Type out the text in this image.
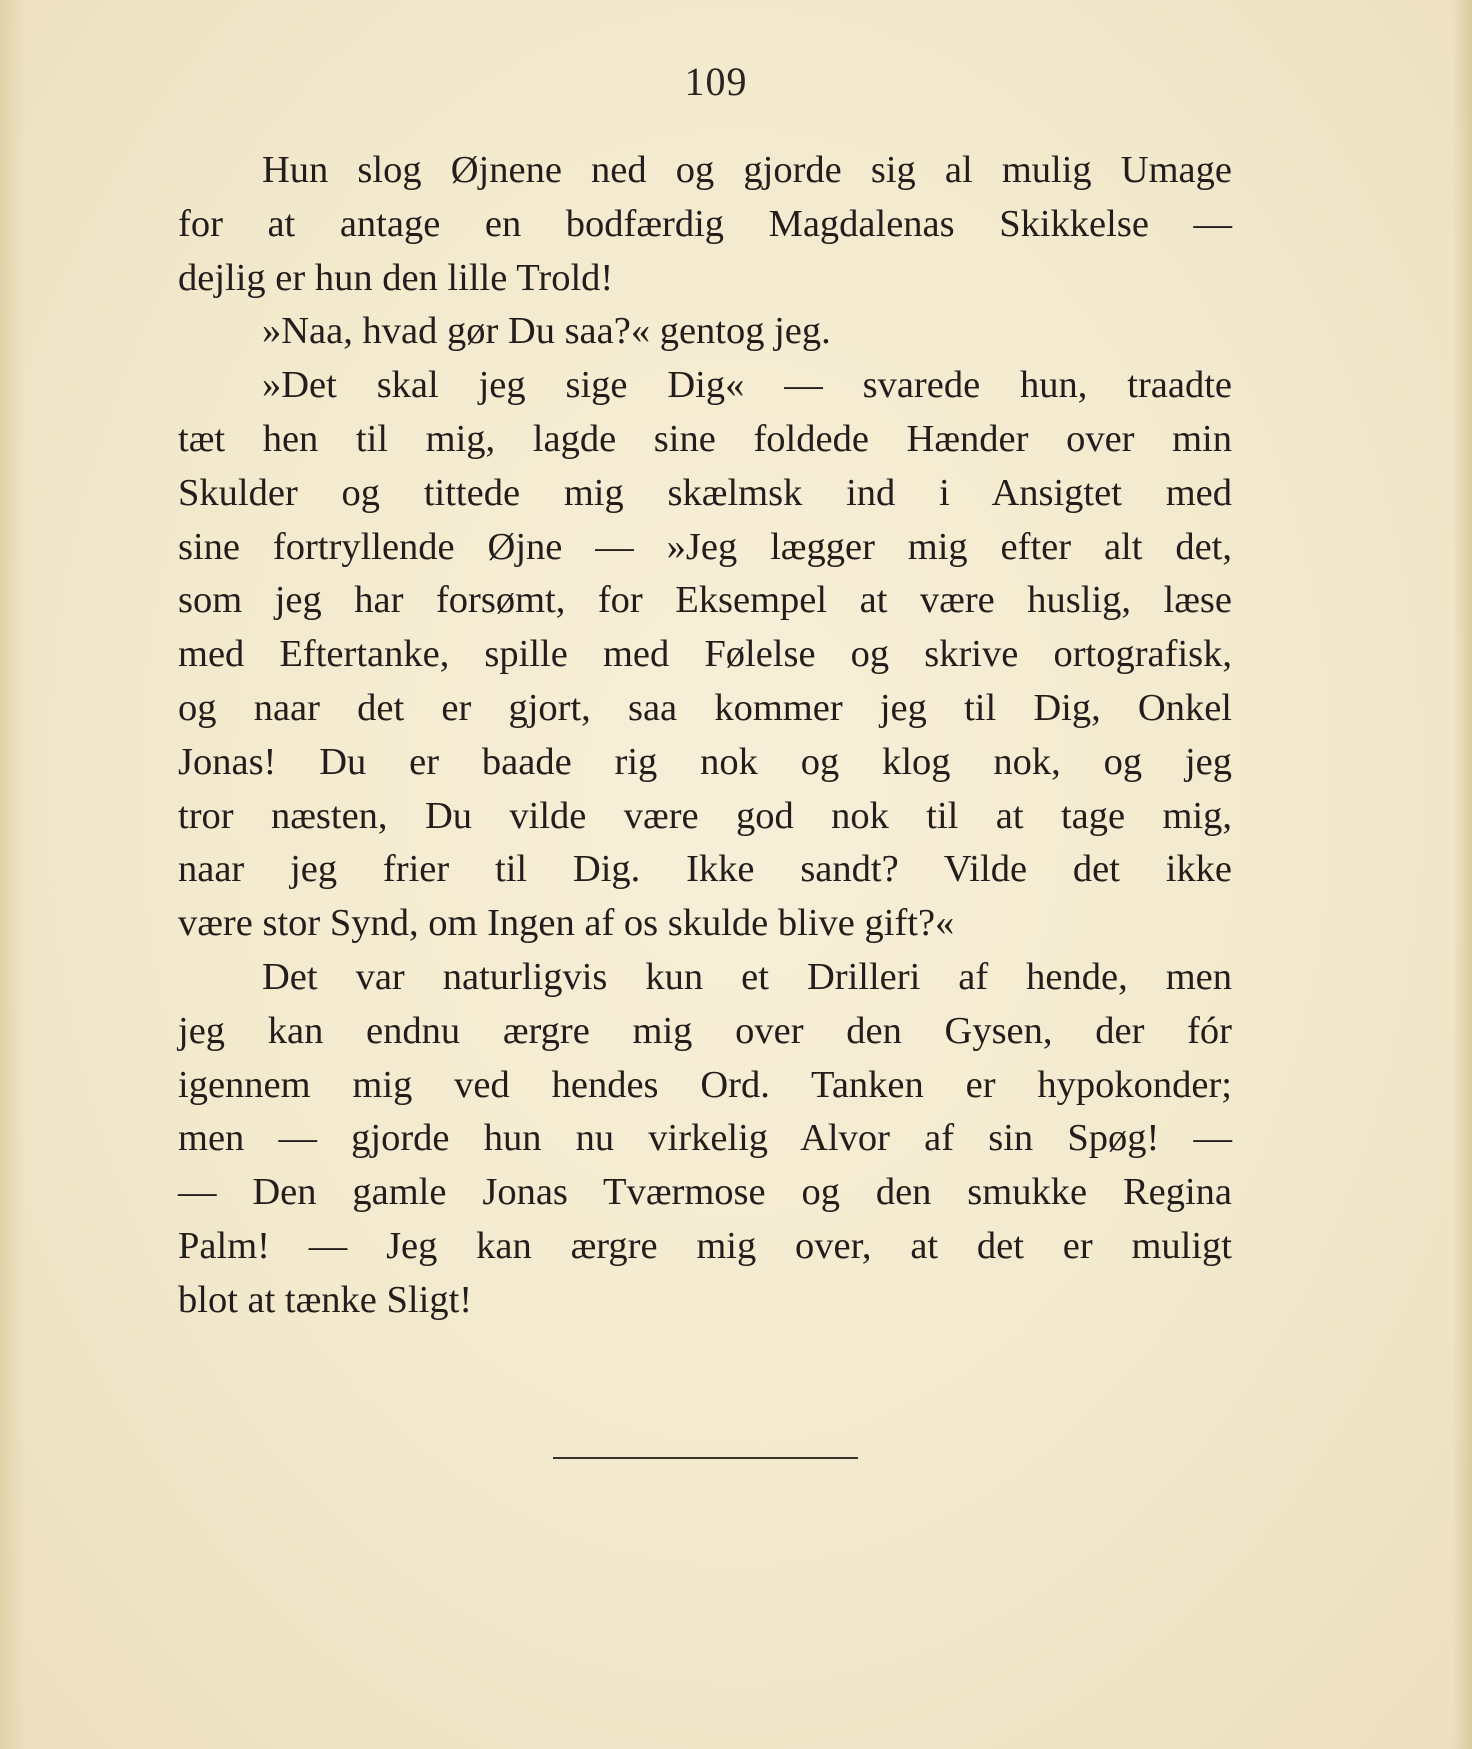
109
Hun slog Øjnene ned og gjorde sig al mulig Umage
for at antage en bodfærdig Magdalenas Skikkelse —
dejlig er hun den lille Trold!
»Naa, hvad gør Du saa?« gentog jeg.
»Det skal jeg sige Dig« — svarede hun, traadte
tæt hen til mig, lagde sine foldede Hænder over min
Skulder og tittede mig skælmsk ind i Ansigtet med
sine fortryllende Øjne — »Jeg lægger mig efter alt det,
som jeg har forsømt, for Eksempel at være huslig, læse
med Eftertanke, spille med Følelse og skrive ortografisk,
og naar det er gjort, saa kommer jeg til Dig, Onkel
Jonas! Du er baade rig nok og klog nok, og jeg
tror næsten, Du vilde være god nok til at tage mig,
naar jeg frier til Dig. Ikke sandt? Vilde det ikke
være stor Synd, om Ingen af os skulde blive gift?«
Det var naturligvis kun et Drilleri af hende, men
jeg kan endnu ærgre mig over den Gysen, der fór
igennem mig ved hendes Ord. Tanken er hypokonder;
men — gjorde hun nu virkelig Alvor af sin Spøg! —
— Den gamle Jonas Tværmose og den smukke Regina
Palm! — Jeg kan ærgre mig over, at det er muligt
blot at tænke Sligt!
